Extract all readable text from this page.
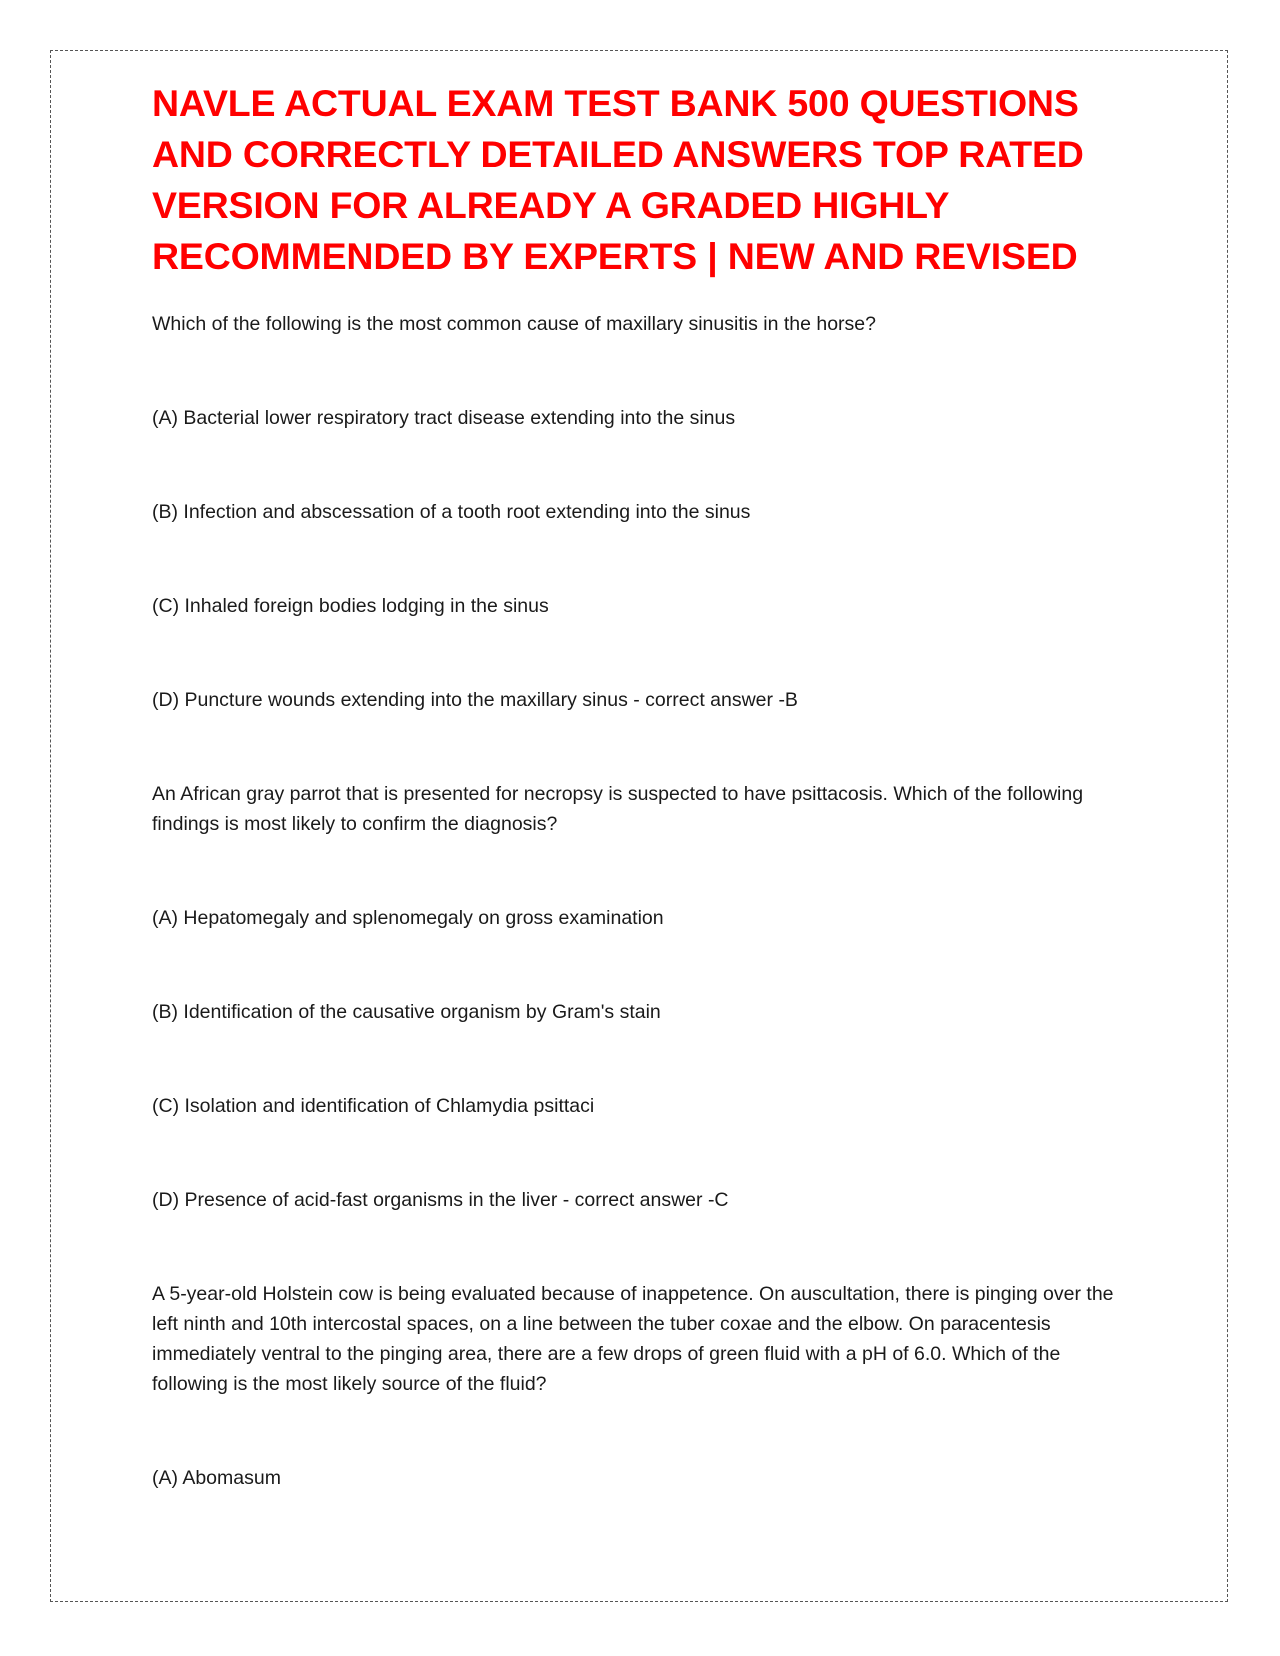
NAVLE ACTUAL EXAM TEST BANK 500 QUESTIONS AND CORRECTLY DETAILED ANSWERS TOP RATED VERSION FOR ALREADY A GRADED HIGHLY RECOMMENDED BY EXPERTS | NEW AND REVISED

Which of the following is the most common cause of maxillary sinusitis in the horse?

(A) Bacterial lower respiratory tract disease extending into the sinus

(B) Infection and abscessation of a tooth root extending into the sinus

(C) Inhaled foreign bodies lodging in the sinus

(D) Puncture wounds extending into the maxillary sinus - correct answer -B

An African gray parrot that is presented for necropsy is suspected to have psittacosis. Which of the following findings is most likely to confirm the diagnosis?

(A) Hepatomegaly and splenomegaly on gross examination

(B) Identification of the causative organism by Gram's stain

(C) Isolation and identification of Chlamydia psittaci

(D) Presence of acid-fast organisms in the liver - correct answer -C

A 5-year-old Holstein cow is being evaluated because of inappetence. On auscultation, there is pinging over the left ninth and 10th intercostal spaces, on a line between the tuber coxae and the elbow. On paracentesis immediately ventral to the pinging area, there are a few drops of green fluid with a pH of 6.0. Which of the following is the most likely source of the fluid?

(A) Abomasum
